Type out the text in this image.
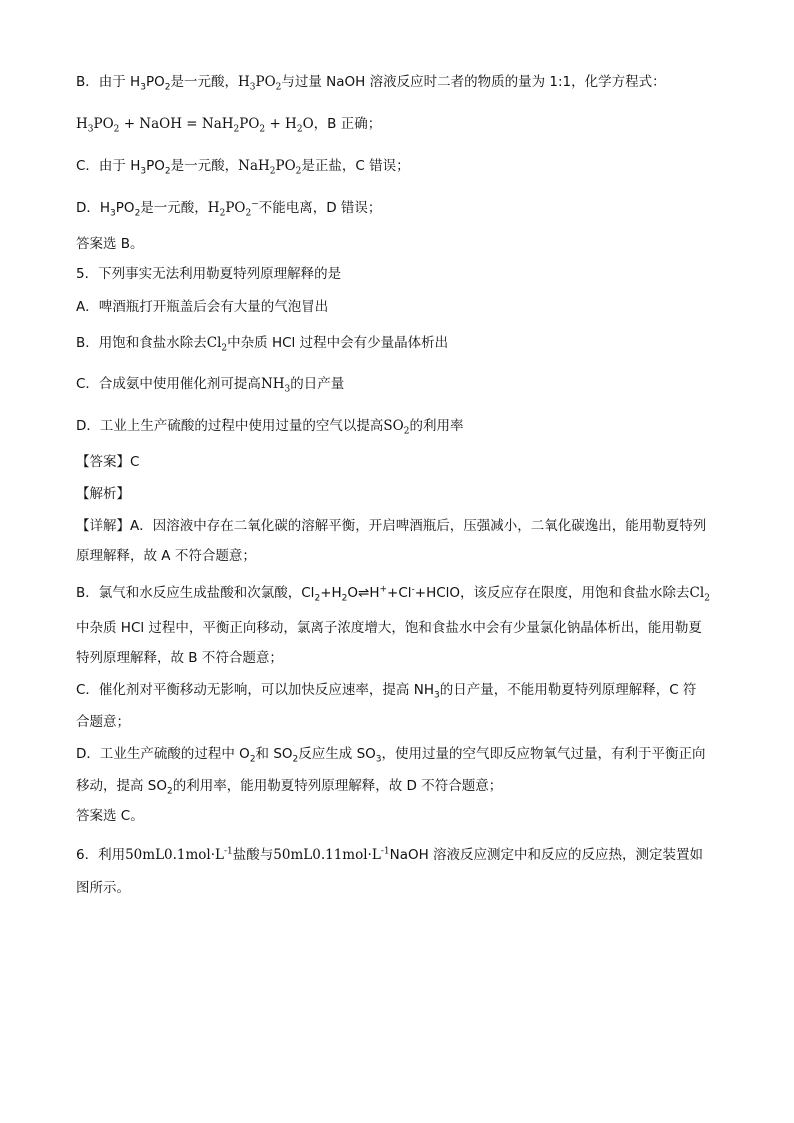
B．由于 $H_3PO_2$是一元酸，$H_3PO_2$与过量 NaOH 溶液反应时二者的物质的量为 1:1，化学方程式：
$H_3PO_2$ + NaOH = $NaH_2PO_2 + H_2O$，B 正确；
C．由于 $H_3PO_2$是一元酸，$NaH_2PO_2$是正盐，C 错误；
D．$H_3PO_2$是一元酸，$H_2PO_2^-$不能电离，D 错误；
答案选 B。
5．下列事实无法利用勒夏特列原理解释的是
A．啤酒瓶打开瓶盖后会有大量的气泡冒出
B．用饱和食盐水除去$Cl_2$中杂质 HCl 过程中会有少量晶体析出
C．合成氨中使用催化剂可提高$NH_3$的日产量
D．工业上生产硫酸的过程中使用过量的空气以提高$SO_2$的利用率
【答案】C
【解析】
【详解】A．因溶液中存在二氧化碳的溶解平衡，开启啤酒瓶后，压强减小，二氧化碳逸出，能用勒夏特列
原理解释，故 A 不符合题意；
B．氯气和水反应生成盐酸和次氯酸，$Cl_2+H_2O\rightleftharpoons H^++Cl^-+HClO$，该反应存在限度，用饱和食盐水除去$Cl_2$
中杂质 HCl 过程中，平衡正向移动，氯离子浓度增大，饱和食盐水中会有少量氯化钠晶体析出，能用勒夏
特列原理解释，故 B 不符合题意；
C．催化剂对平衡移动无影响，可以加快反应速率，提高 $NH_3$的日产量，不能用勒夏特列原理解释，C 符
合题意；
D．工业生产硫酸的过程中 $O_2$和 $SO_2$反应生成 $SO_3$，使用过量的空气即反应物氧气过量，有利于平衡正向
移动，提高 $SO_2$的利用率，能用勒夏特列原理解释，故 D 不符合题意；
答案选 C。
6．利用$50mL0.1mol\cdot L^{-1}$盐酸与$50mL0.11mol\cdot L^{-1}NaOH$ 溶液反应测定中和反应的反应热，测定装置如
图所示。
